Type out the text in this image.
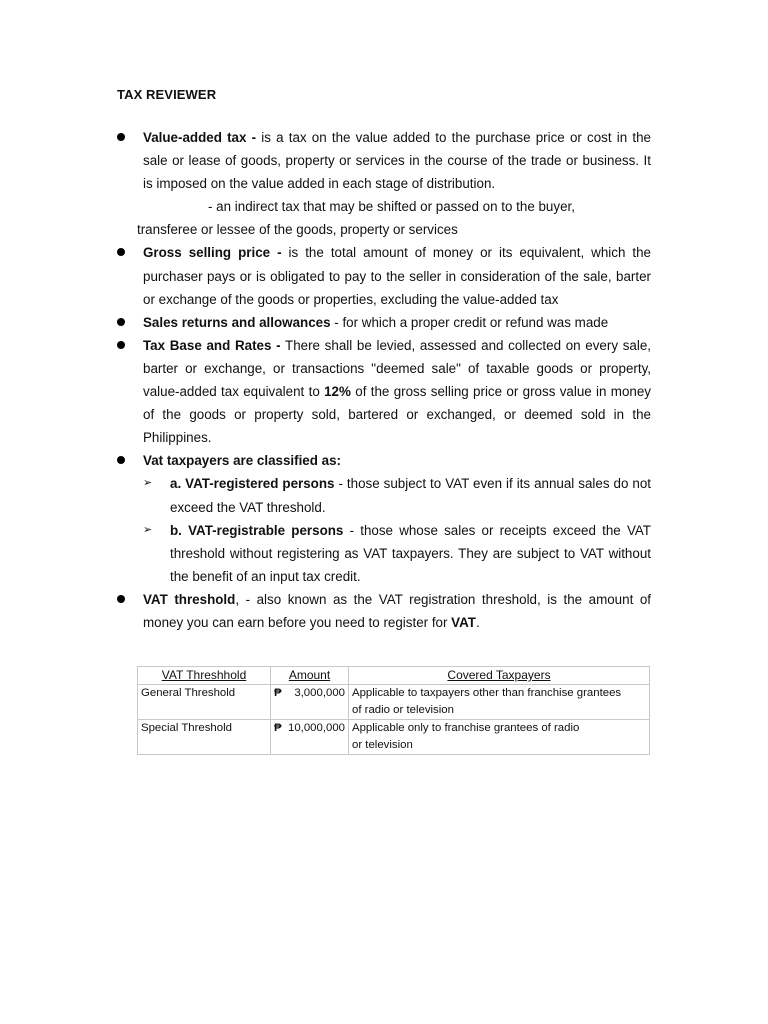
TAX REVIEWER
Value-added tax - is a tax on the value added to the purchase price or cost in the sale or lease of goods, property or services in the course of the trade or business. It is imposed on the value added in each stage of distribution.
- an indirect tax that may be shifted or passed on to the buyer,
transferee or lessee of the goods, property or services
Gross selling price - is the total amount of money or its equivalent, which the purchaser pays or is obligated to pay to the seller in consideration of the sale, barter or exchange of the goods or properties, excluding the value-added tax
Sales returns and allowances - for which a proper credit or refund was made
Tax Base and Rates - There shall be levied, assessed and collected on every sale, barter or exchange, or transactions "deemed sale" of taxable goods or property, value-added tax equivalent to 12% of the gross selling price or gross value in money of the goods or property sold, bartered or exchanged, or deemed sold in the Philippines.
Vat taxpayers are classified as:
➢ a. VAT-registered persons - those subject to VAT even if its annual sales do not exceed the VAT threshold.
➢ b. VAT-registrable persons - those whose sales or receipts exceed the VAT threshold without registering as VAT taxpayers. They are subject to VAT without the benefit of an input tax credit.
VAT threshold, - also known as the VAT registration threshold, is the amount of money you can earn before you need to register for VAT.
VAT Threshhold	Amount	Covered Taxpayers
General Threshold	₱ 3,000,000	Applicable to taxpayers other than franchise grantees
		of radio or television
Special Threshold	₱ 10,000,000	Applicable only to franchise grantees of radio
		or television
